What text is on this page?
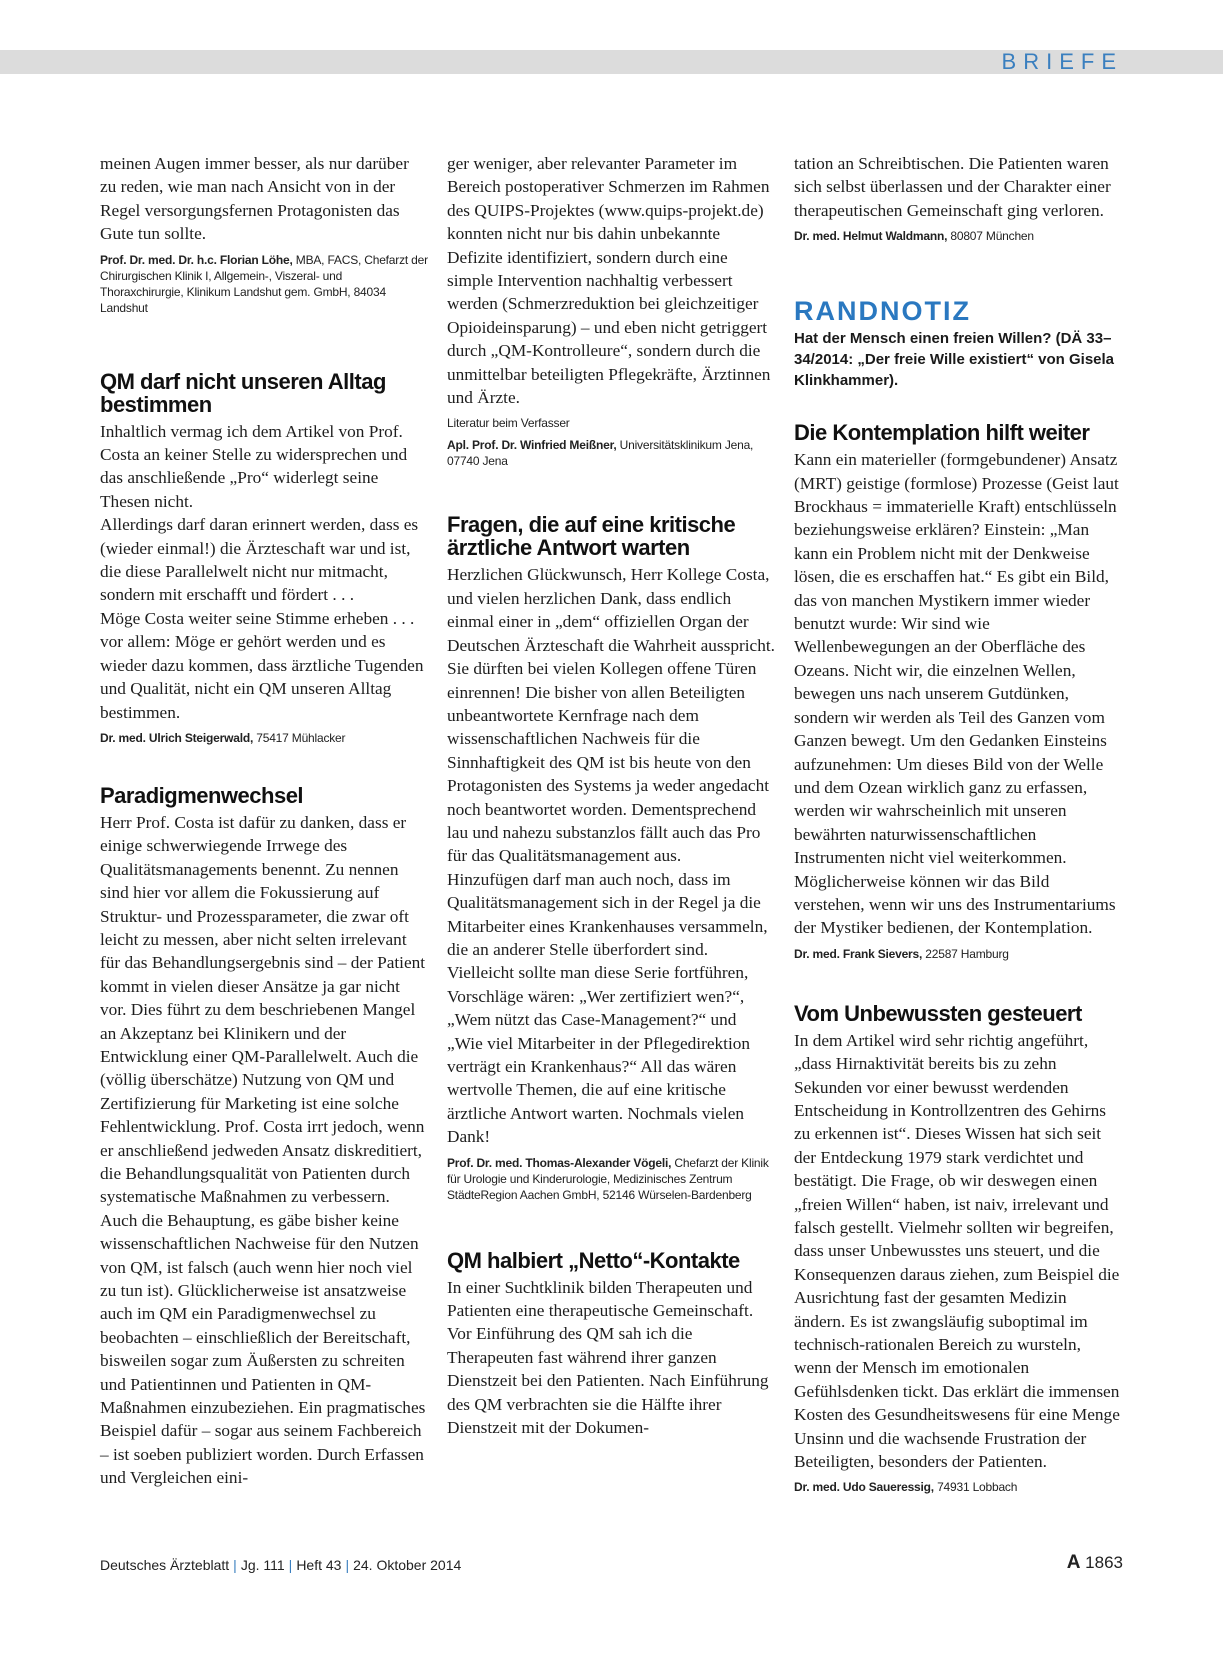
BRIEFE

meinen Augen immer besser, als nur darüber zu reden, wie man nach Ansicht von in der Regel versorgungsfernen Protagonisten das Gute tun sollte.

Prof. Dr. med. Dr. h.c. Florian Löhe, MBA, FACS, Chefarzt der Chirurgischen Klinik I, Allgemein-, Viszeral- und Thoraxchirurgie, Klinikum Landshut gem. GmbH, 84034 Landshut

QM darf nicht unseren Alltag bestimmen

Inhaltlich vermag ich dem Artikel von Prof. Costa an keiner Stelle zu widersprechen und das anschließende „Pro“ widerlegt seine Thesen nicht.

Allerdings darf daran erinnert werden, dass es (wieder einmal!) die Ärzteschaft war und ist, die diese Parallelwelt nicht nur mitmacht, sondern mit erschafft und fördert . . .

Möge Costa weiter seine Stimme erheben . . . vor allem: Möge er gehört werden und es wieder dazu kommen, dass ärztliche Tugenden und Qualität, nicht ein QM unseren Alltag bestimmen.

Dr. med. Ulrich Steigerwald, 75417 Mühlacker

Paradigmenwechsel

Herr Prof. Costa ist dafür zu danken, dass er einige schwerwiegende Irrwege des Qualitätsmanagements benennt. Zu nennen sind hier vor allem die Fokussierung auf Struktur- und Prozessparameter, die zwar oft leicht zu messen, aber nicht selten irrelevant für das Behandlungsergebnis sind – der Patient kommt in vielen dieser Ansätze ja gar nicht vor. Dies führt zu dem beschriebenen Mangel an Akzeptanz bei Klinikern und der Entwicklung einer QM-Parallelwelt. Auch die (völlig überschätze) Nutzung von QM und Zertifizierung für Marketing ist eine solche Fehlentwicklung. Prof. Costa irrt jedoch, wenn er anschließend jedweden Ansatz diskreditiert, die Behandlungsqualität von Patienten durch systematische Maßnahmen zu verbessern. Auch die Behauptung, es gäbe bisher keine wissenschaftlichen Nachweise für den Nutzen von QM, ist falsch (auch wenn hier noch viel zu tun ist). Glücklicherweise ist ansatzweise auch im QM ein Paradigmenwechsel zu beobachten – einschließlich der Bereitschaft, bisweilen sogar zum Äußersten zu schreiten und Patientinnen und Patienten in QM-Maßnahmen einzubeziehen. Ein pragmatisches Beispiel dafür – sogar aus seinem Fachbereich – ist soeben publiziert worden. Durch Erfassen und Vergleichen eini-

ger weniger, aber relevanter Parameter im Bereich postoperativer Schmerzen im Rahmen des QUIPS-Projektes (www.quips-projekt.de) konnten nicht nur bis dahin unbekannte Defizite identifiziert, sondern durch eine simple Intervention nachhaltig verbessert werden (Schmerzreduktion bei gleichzeitiger Opioideinsparung) – und eben nicht getriggert durch „QM-Kontrolleure“, sondern durch die unmittelbar beteiligten Pflegekräfte, Ärztinnen und Ärzte.

Literatur beim Verfasser

Apl. Prof. Dr. Winfried Meißner, Universitätsklinikum Jena, 07740 Jena

Fragen, die auf eine kritische ärztliche Antwort warten

Herzlichen Glückwunsch, Herr Kollege Costa, und vielen herzlichen Dank, dass endlich einmal einer in „dem“ offiziellen Organ der Deutschen Ärzteschaft die Wahrheit ausspricht.

Sie dürften bei vielen Kollegen offene Türen einrennen! Die bisher von allen Beteiligten unbeantwortete Kernfrage nach dem wissenschaftlichen Nachweis für die Sinnhaftigkeit des QM ist bis heute von den Protagonisten des Systems ja weder angedacht noch beantwortet worden. Dementsprechend lau und nahezu substanzlos fällt auch das Pro für das Qualitätsmanagement aus.

Hinzufügen darf man auch noch, dass im Qualitätsmanagement sich in der Regel ja die Mitarbeiter eines Krankenhauses versammeln, die an anderer Stelle überfordert sind.

Vielleicht sollte man diese Serie fortführen, Vorschläge wären: „Wer zertifiziert wen?“, „Wem nützt das Case-Management?“ und „Wie viel Mitarbeiter in der Pflegedirektion verträgt ein Krankenhaus?“ All das wären wertvolle Themen, die auf eine kritische ärztliche Antwort warten. Nochmals vielen Dank!

Prof. Dr. med. Thomas-Alexander Vögeli, Chefarzt der Klinik für Urologie und Kinderurologie, Medizinisches Zentrum StädteRegion Aachen GmbH, 52146 Würselen-Bardenberg

QM halbiert „Netto“-Kontakte

In einer Suchtklinik bilden Therapeuten und Patienten eine therapeutische Gemeinschaft. Vor Einführung des QM sah ich die Therapeuten fast während ihrer ganzen Dienstzeit bei den Patienten. Nach Einführung des QM verbrachten sie die Hälfte ihrer Dienstzeit mit der Dokumen-

tation an Schreibtischen. Die Patienten waren sich selbst überlassen und der Charakter einer therapeutischen Gemeinschaft ging verloren.

Dr. med. Helmut Waldmann, 80807 München

RANDNOTIZ

Hat der Mensch einen freien Willen? (DÄ 33–34/2014: „Der freie Wille existiert“ von Gisela Klinkhammer).

Die Kontemplation hilft weiter

Kann ein materieller (formgebundener) Ansatz (MRT) geistige (formlose) Prozesse (Geist laut Brockhaus = immaterielle Kraft) entschlüsseln beziehungsweise erklären? Einstein: „Man kann ein Problem nicht mit der Denkweise lösen, die es erschaffen hat.“ Es gibt ein Bild, das von manchen Mystikern immer wieder benutzt wurde: Wir sind wie Wellenbewegungen an der Oberfläche des Ozeans. Nicht wir, die einzelnen Wellen, bewegen uns nach unserem Gutdünken, sondern wir werden als Teil des Ganzen vom Ganzen bewegt. Um den Gedanken Einsteins aufzunehmen: Um dieses Bild von der Welle und dem Ozean wirklich ganz zu erfassen, werden wir wahrscheinlich mit unseren bewährten naturwissenschaftlichen Instrumenten nicht viel weiterkommen. Möglicherweise können wir das Bild verstehen, wenn wir uns des Instrumentariums der Mystiker bedienen, der Kontemplation.

Dr. med. Frank Sievers, 22587 Hamburg

Vom Unbewussten gesteuert

In dem Artikel wird sehr richtig angeführt, „dass Hirnaktivität bereits bis zu zehn Sekunden vor einer bewusst werdenden Entscheidung in Kontrollzentren des Gehirns zu erkennen ist“. Dieses Wissen hat sich seit der Entdeckung 1979 stark verdichtet und bestätigt. Die Frage, ob wir deswegen einen „freien Willen“ haben, ist naiv, irrelevant und falsch gestellt. Vielmehr sollten wir begreifen, dass unser Unbewusstes uns steuert, und die Konsequenzen daraus ziehen, zum Beispiel die Ausrichtung fast der gesamten Medizin ändern. Es ist zwangsläufig suboptimal im technisch-rationalen Bereich zu wursteln, wenn der Mensch im emotionalen Gefühlsdenken tickt. Das erklärt die immensen Kosten des Gesundheitswesens für eine Menge Unsinn und die wachsende Frustration der Beteiligten, besonders der Patienten.

Dr. med. Udo Saueressig, 74931 Lobbach

Deutsches Ärzteblatt | Jg. 111 | Heft 43 | 24. Oktober 2014	A 1863
